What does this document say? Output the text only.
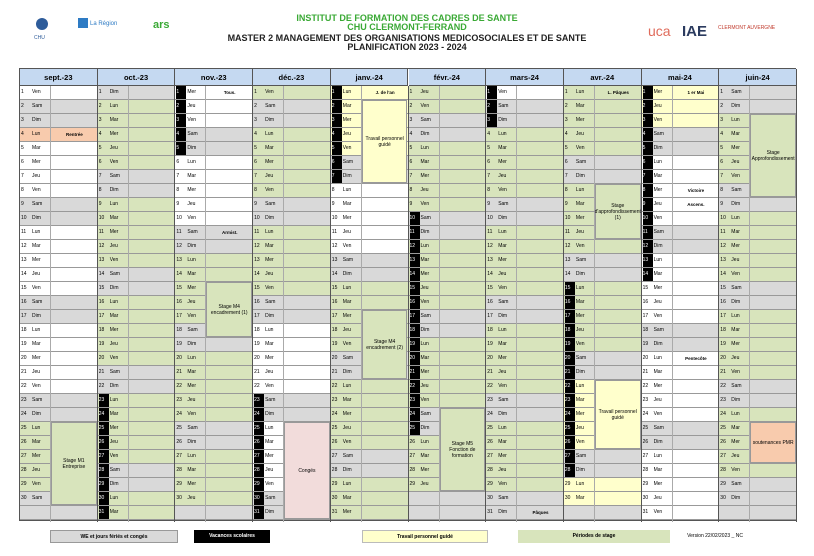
CHU
La Région	ars
INSTITUT DE FORMATION DES CADRES DE SANTE
CHU CLERMONT-FERRAND
MASTER 2 MANAGEMENT DES ORGANISATIONS MEDICOSOCIALES ET DE SANTE
PLANIFICATION 2023 - 2024
uca IAE CLERMONT AUVERGNE
sept.-23
1	Ven
2	Sam
3	Dim
4	Lun	Rentrée
5	Mar
6	Mer
7	Jeu
8	Ven
9	Sam
10	Dim
11	Lun
12	Mar
13	Mer
14	Jeu
15	Ven
16	Sam
17	Dim
18	Lun
19	Mar
20	Mer
21	Jeu
22	Ven
23	Sam
24	Dim
25	Lun
26	Mar
27	Mer
28	Jeu
29	Ven
30	Sam
oct.-23
1	Dim
2	Lun
3	Mar
4	Mer
5	Jeu
6	Ven
7	Sam
8	Dim
9	Lun
10	Mar
11	Mer
12	Jeu
13	Ven
14	Sam
15	Dim
16	Lun
17	Mar
18	Mer
19	Jeu
20	Ven
21	Sam
22	Dim
23	Lun
24	Mar
25	Mer
26	Jeu
27	Ven
28	Sam
29	Dim
30	Lun
31	Mar
nov.-23
1	Mer	Tous.
2	Jeu
3	Ven
4	Sam
5	Dim
6	Lun
7	Mar
8	Mer
9	Jeu
10	Ven
11	Sam	Armist.
12	Dim
13	Lun
14	Mar
15	Mer
16	Jeu
17	Ven
18	Sam
19	Dim
20	Lun
21	Mar
22	Mer
23	Jeu
24	Ven
25	Sam
26	Dim
27	Lun
28	Mar
29	Mer
30	Jeu
déc.-23
1	Ven
2	Sam
3	Dim
4	Lun
5	Mar
6	Mer
7	Jeu
8	Ven
9	Sam
10	Dim
11	Lun
12	Mar
13	Mer
14	Jeu
15	Ven
16	Sam
17	Dim
18	Lun
19	Mar
20	Mer
21	Jeu
22	Ven
23	Sam
24	Dim
25	Lun
26	Mar
27	Mer
28	Jeu
29	Ven
30	Sam
31	Dim
janv.-24
1	Lun	J. de l'an
2	Mar
3	Mer
4	Jeu
5	Ven
6	Sam
7	Dim
8	Lun
9	Mar
10	Mer
11	Jeu
12	Ven
13	Sam
14	Dim
15	Lun
16	Mar
17	Mer
18	Jeu
19	Ven
20	Sam
21	Dim
22	Lun
23	Mar
24	Mer
25	Jeu
26	Ven
27	Sam
28	Dim
29	Lun
30	Mar
31	Mer
févr.-24
1	Jeu
2	Ven
3	Sam
4	Dim
5	Lun
6	Mar
7	Mer
8	Jeu
9	Ven
10	Sam
11	Dim
12	Lun
13	Mar
14	Mer
15	Jeu
16	Ven
17	Sam
18	Dim
19	Lun
20	Mar
21	Mer
22	Jeu
23	Ven
24	Sam
25	Dim
26	Lun
27	Mar
28	Mer
29	Jeu
mars-24
1	Ven
2	Sam
3	Dim
4	Lun
5	Mar
6	Mer
7	Jeu
8	Ven
9	Sam
10	Dim
11	Lun
12	Mar
13	Mer
14	Jeu
15	Ven
16	Sam
17	Dim
18	Lun
19	Mar
20	Mer
21	Jeu
22	Ven
23	Sam
24	Dim
25	Lun
26	Mar
27	Mer
28	Jeu
29	Ven
30	Sam
31	Dim	Pâques
avr.-24
1	Lun	L. Pâques
2	Mar
3	Mer
4	Jeu
5	Ven
6	Sam
7	Dim
8	Lun
9	Mar
10	Mer
11	Jeu
12	Ven
13	Sam
14	Dim
15	Lun
16	Mar
17	Mer
18	Jeu
19	Ven
20	Sam
21	Dim
22	Lun
23	Mar
24	Mer
25	Jeu
26	Ven
27	Sam
28	Dim
29	Lun
30	Mar
mai-24
1	Mer	1 er Mai
2	Jeu
3	Ven
4	Sam
5	Dim
6	Lun
7	Mar
8	Mer	Victoire
9	Jeu	Ascens.
10	Ven
11	Sam
12	Dim
13	Lun
14	Mar
15	Mer
16	Jeu
17	Ven
18	Sam
19	Dim
20	Lun	Pentecôte
21	Mar
22	Mer
23	Jeu
24	Ven
25	Sam
26	Dim
27	Lun
28	Mar
29	Mer
30	Jeu
31	Ven
juin-24
1	Sam
2	Dim
3	Lun
4	Mar
5	Mer
6	Jeu
7	Ven
8	Sam
9	Dim
10	Lun
11	Mar
12	Mer
13	Jeu
14	Ven
15	Sam
16	Dim
17	Lun
18	Mar
19	Mer
20	Jeu
21	Ven
22	Sam
23	Dim
24	Lun
25	Mar
26	Mer
27	Jeu
28	Ven
29	Sam
30	Dim
Stage M1 Entreprise
Stage M4 encadrement (1)
Travail personnel guidé
Congés
Stage M4 encadrement (2)
Stage M5 Fonction de formation
Stage d'approfondissement (1)
Travail personnel guidé
Stage Approfondissement
soutenances PMR
WE et jours fériés et congés	Vacances scolaires	Travail personnel guidé	Périodes de stage	Version 22/02/2023 _ NC
